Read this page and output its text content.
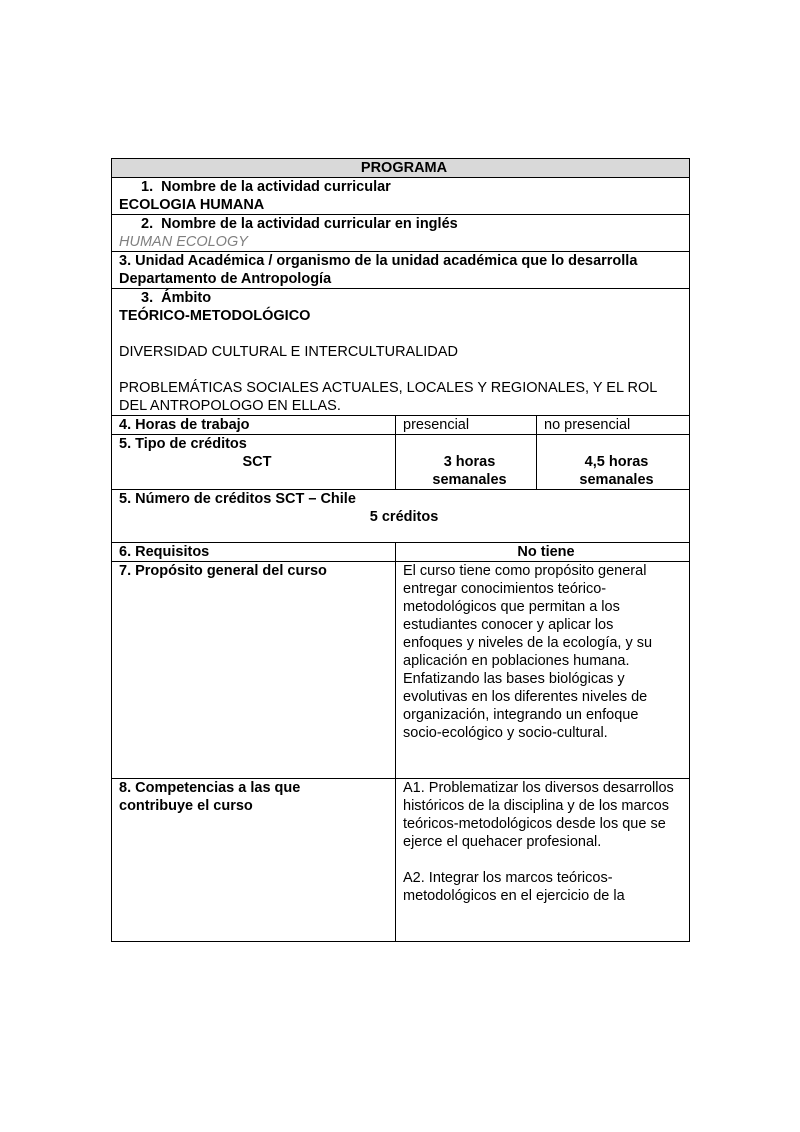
PROGRAMA		

1.  Nombre de la actividad curricular
ECOLOGIA HUMANA		

2.  Nombre de la actividad curricular en inglés
HUMAN ECOLOGY		

3. Unidad Académica / organismo de la unidad académica que lo desarrolla
Departamento de Antropología		

3.  Ámbito
TEÓRICO-METODOLÓGICO
DIVERSIDAD CULTURAL E INTERCULTURALIDAD
PROBLEMÁTICAS SOCIALES ACTUALES, LOCALES Y REGIONALES, Y EL ROL DEL ANTROPOLOGO EN ELLAS.		

4. Horas de trabajo	presencial	no presencial

5. Tipo de créditos
SCT	3 horas semanales	4,5 horas semanales

5. Número de créditos SCT – Chile
5 créditos		

6. Requisitos	No tiene	
7. Propósito general del curso	El curso tiene como propósito general entregar conocimientos teórico-metodológicos que permitan a los estudiantes conocer y aplicar los enfoques y niveles de la ecología, y su aplicación en poblaciones humana. Enfatizando las bases biológicas y evolutivas en los diferentes niveles de organización, integrando un enfoque socio-ecológico y socio-cultural.	
8. Competencias a las que contribuye el curso	A1. Problematizar los diversos desarrollos históricos de la disciplina y de los marcos teóricos-metodológicos desde los que se ejerce el quehacer profesional.
A2. Integrar los marcos teóricos-metodológicos en el ejercicio de la	
